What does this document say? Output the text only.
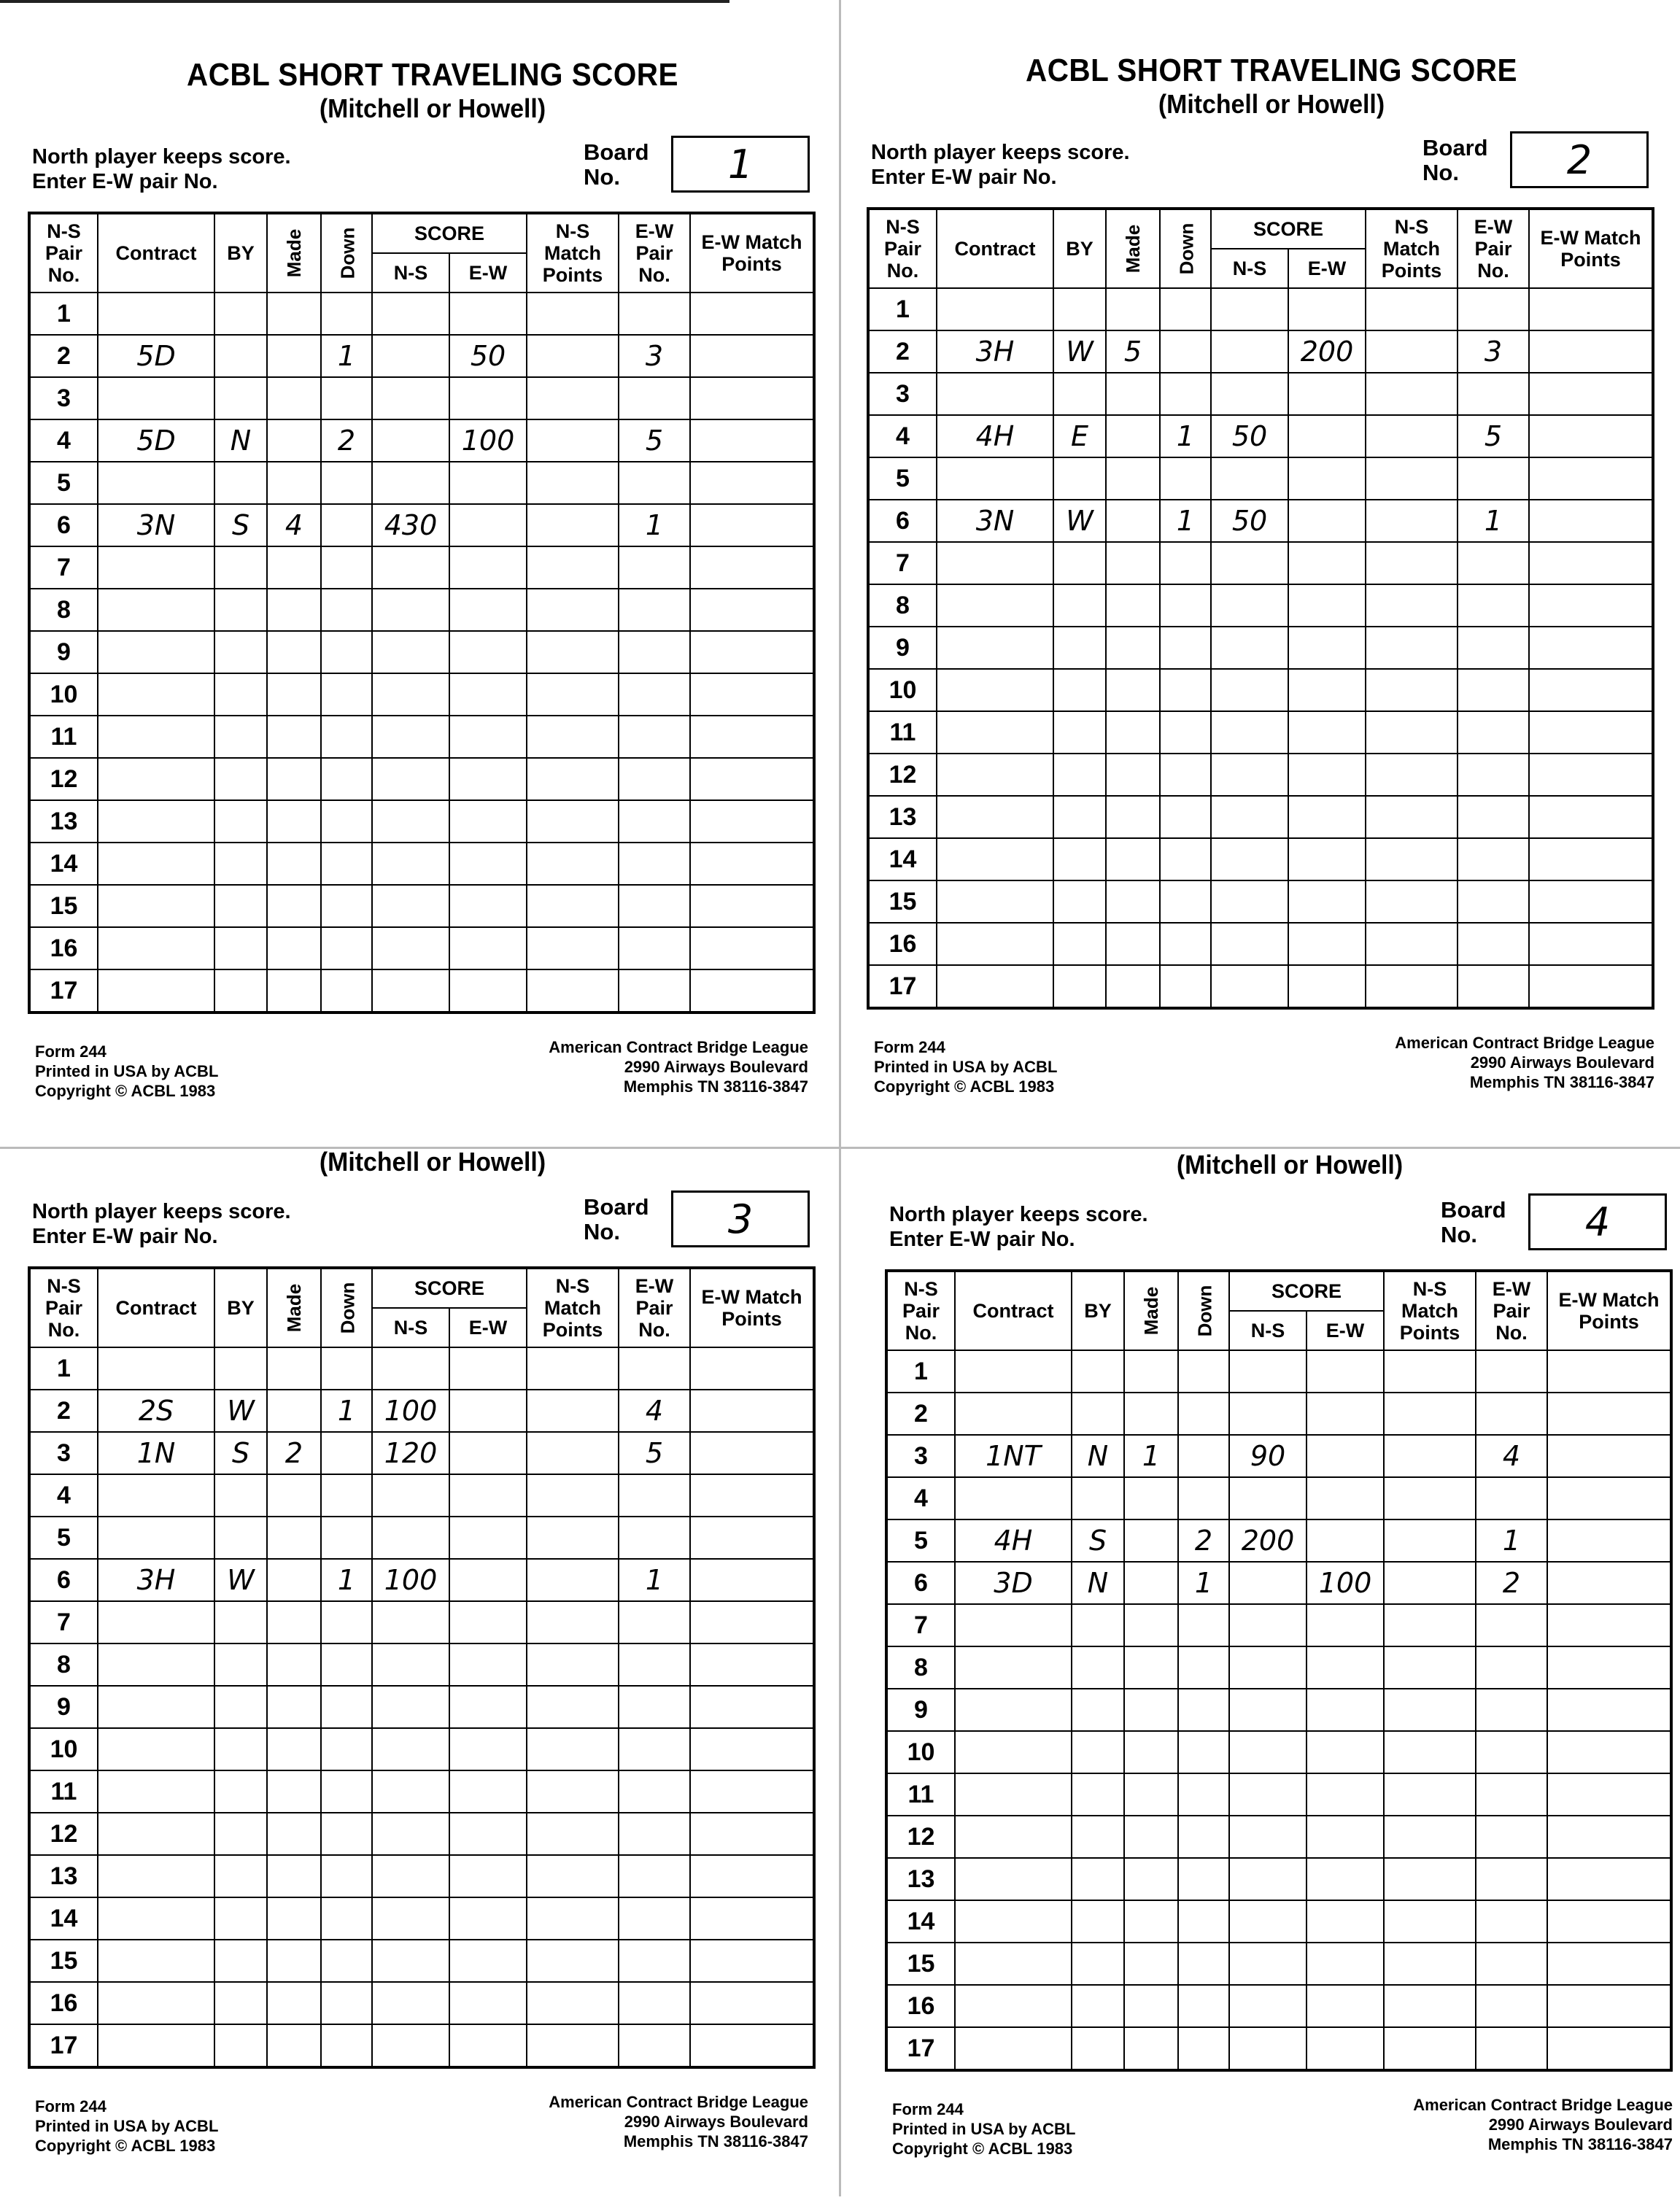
ACBL SHORT TRAVELING SCORE
(Mitchell or Howell)
North player keeps score.
Enter E-W pair No.
Board
No.	1
N-S Pair No.	Contract	BY	Made	Down	SCORE		N-S Match Points	E-W Pair No.	E-W Match Points
					N-S	E-W			
1									
2	5D			1		50		3	
3									
4	5D	N		2		100		5	
5									
6	3N	S	4		430			1	
7									
8									
9									
10									
11									
12									
13									
14									
15									
16									
17									
Form 244
Printed in USA by ACBL
Copyright © ACBL 1983
American Contract Bridge League
2990 Airways Boulevard
Memphis TN 38116-3847
ACBL SHORT TRAVELING SCORE
(Mitchell or Howell)
North player keeps score.
Enter E-W pair No.
Board
No.	2
N-S Pair No.	Contract	BY	Made	Down	SCORE		N-S Match Points	E-W Pair No.	E-W Match Points
					N-S	E-W			
1									
2	3H	W	5			200		3	
3									
4	4H	E		1	50			5	
5									
6	3N	W		1	50			1	
7									
8									
9									
10									
11									
12									
13									
14									
15									
16									
17									
Form 244
Printed in USA by ACBL
Copyright © ACBL 1983
American Contract Bridge League
2990 Airways Boulevard
Memphis TN 38116-3847
(Mitchell or Howell)
North player keeps score.
Enter E-W pair No.
Board
No.	3
N-S Pair No.	Contract	BY	Made	Down	SCORE		N-S Match Points	E-W Pair No.	E-W Match Points
					N-S	E-W			
1									
2	2S	W		1	100			4	
3	1N	S	2		120			5	
4									
5									
6	3H	W		1	100			1	
7									
8									
9									
10									
11									
12									
13									
14									
15									
16									
17									
Form 244
Printed in USA by ACBL
Copyright © ACBL 1983
American Contract Bridge League
2990 Airways Boulevard
Memphis TN 38116-3847
(Mitchell or Howell)
North player keeps score.
Enter E-W pair No.
Board
No.	4
N-S Pair No.	Contract	BY	Made	Down	SCORE		N-S Match Points	E-W Pair No.	E-W Match Points
					N-S	E-W			
1									
2									
3	1NT	N	1		90			4	
4									
5	4H	S		2	200			1	
6	3D	N		1		100		2	
7									
8									
9									
10									
11									
12									
13									
14									
15									
16									
17									
Form 244
Printed in USA by ACBL
Copyright © ACBL 1983
American Contract Bridge League
2990 Airways Boulevard
Memphis TN 38116-3847
